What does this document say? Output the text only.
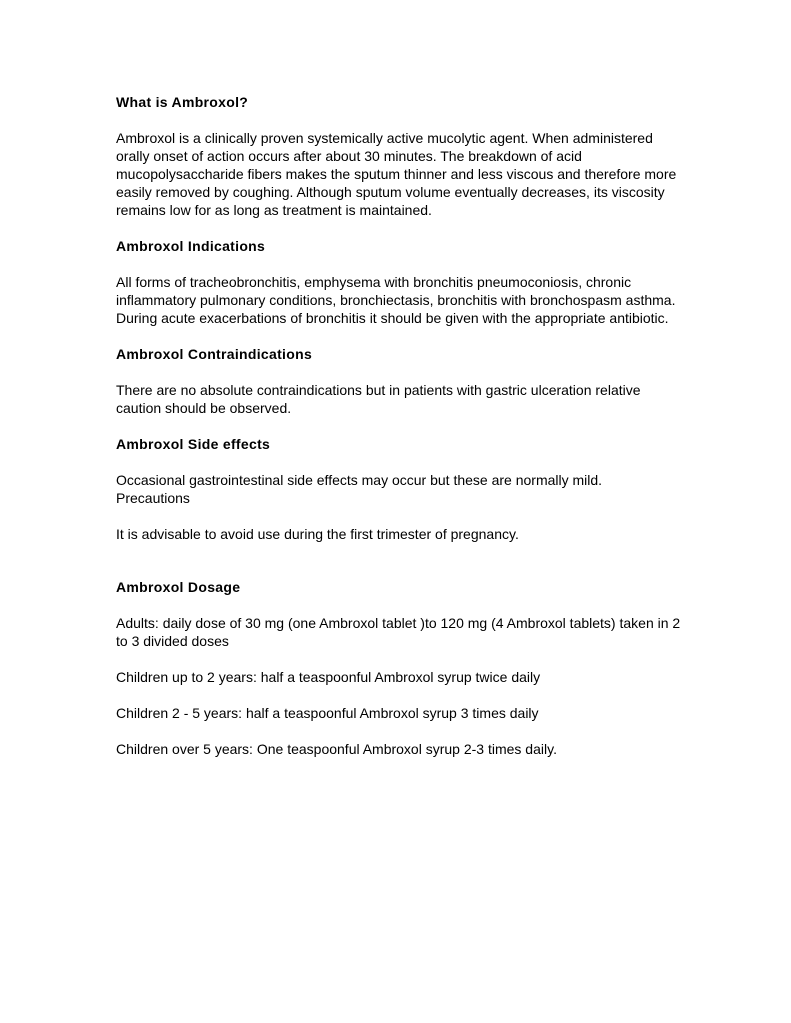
What is Ambroxol?

Ambroxol is a clinically proven systemically active mucolytic agent. When administered orally onset of action occurs after about 30 minutes. The breakdown of acid mucopolysaccharide fibers makes the sputum thinner and less viscous and therefore more easily removed by coughing. Although sputum volume eventually decreases, its viscosity remains low for as long as treatment is maintained.

Ambroxol Indications

All forms of tracheobronchitis, emphysema with bronchitis pneumoconiosis, chronic inflammatory pulmonary conditions, bronchiectasis, bronchitis with bronchospasm asthma. During acute exacerbations of bronchitis it should be given with the appropriate antibiotic.

Ambroxol Contraindications

There are no absolute contraindications but in patients with gastric ulceration relative caution should be observed.

Ambroxol Side effects

Occasional gastrointestinal side effects may occur but these are normally mild.

Precautions

It is advisable to avoid use during the first trimester of pregnancy.

Ambroxol Dosage

Adults: daily dose of 30 mg (one Ambroxol tablet )to 120 mg (4 Ambroxol tablets) taken in 2 to 3 divided doses

Children up to 2 years: half a teaspoonful Ambroxol syrup twice daily

Children 2 - 5 years: half a teaspoonful Ambroxol syrup 3 times daily

Children over 5 years: One teaspoonful Ambroxol syrup 2-3 times daily.
